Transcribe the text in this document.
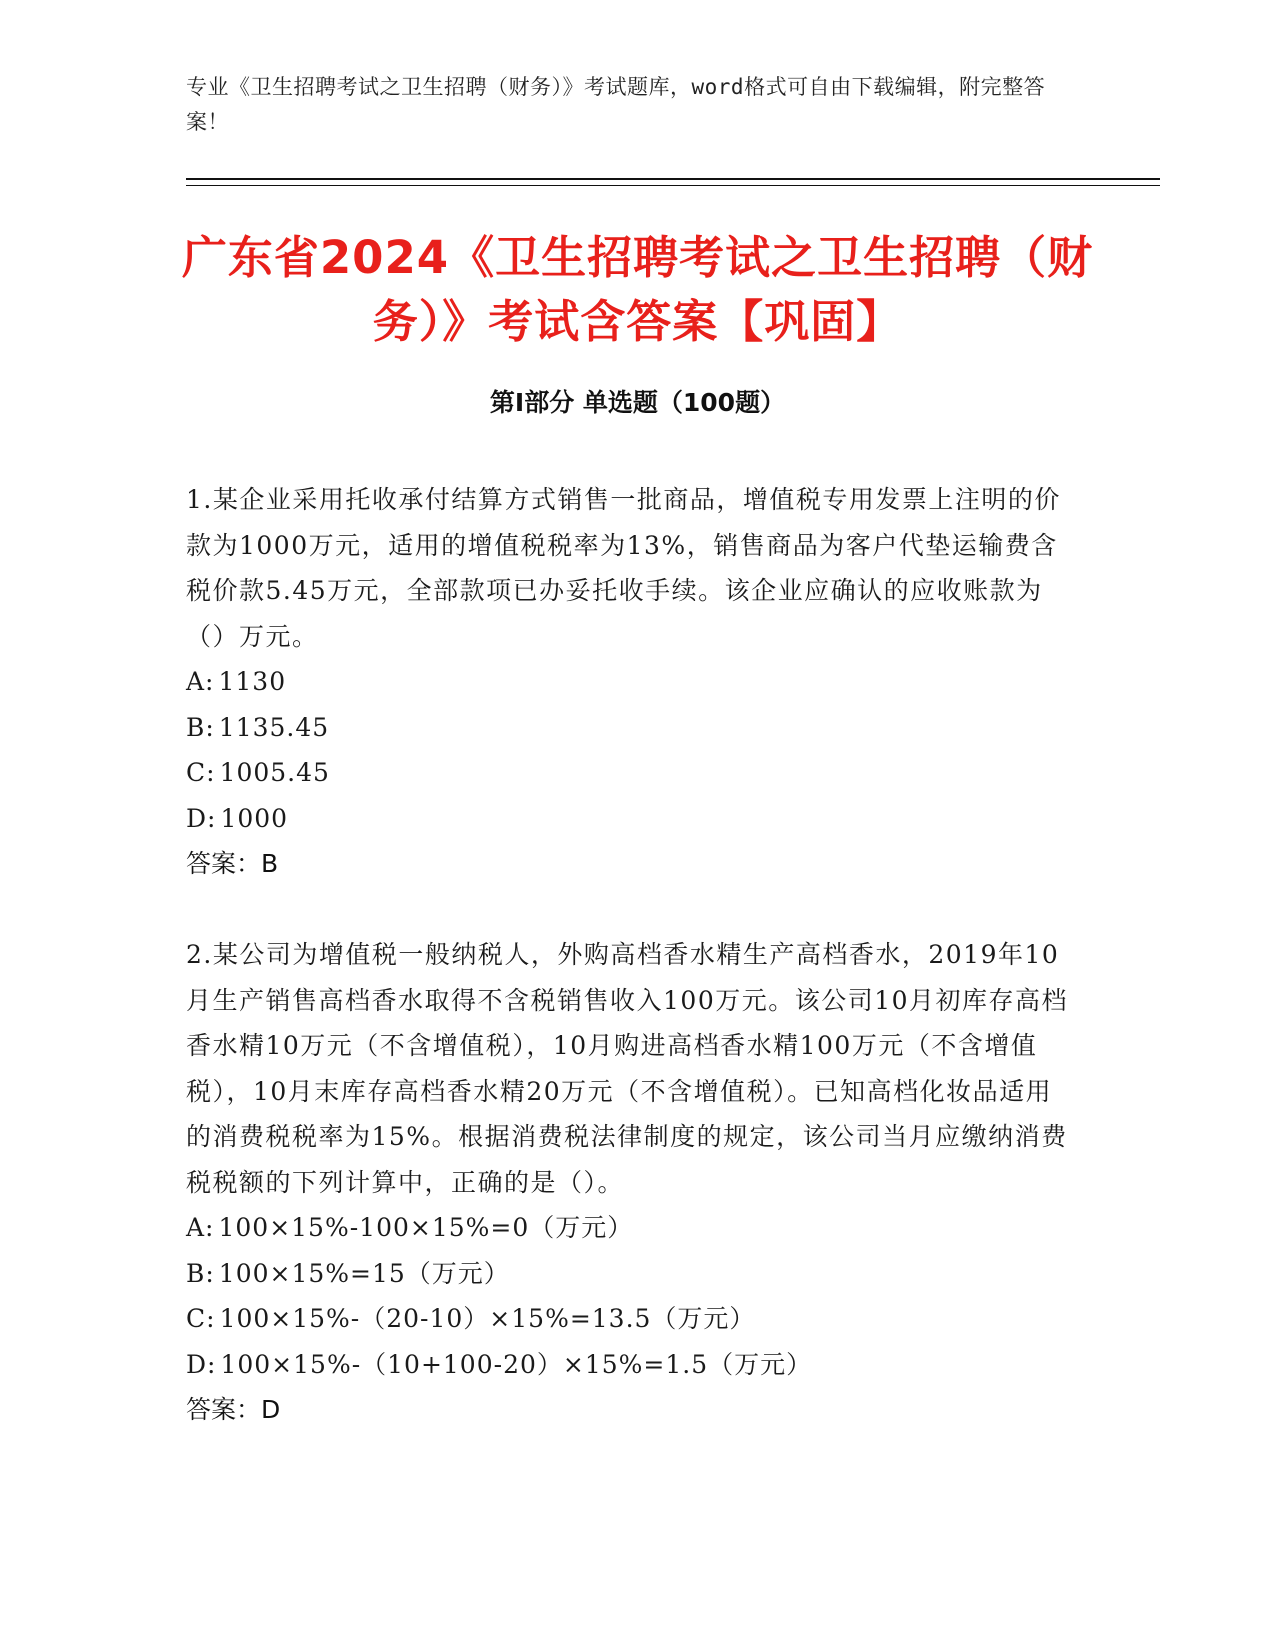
专业《卫生招聘考试之卫生招聘（财务）》考试题库，word格式可自由下载编辑，附完整答案！
广东省2024《卫生招聘考试之卫生招聘（财务）》考试含答案【巩固】
第I部分 单选题（100题）

1.某企业采用托收承付结算方式销售一批商品，增值税专用发票上注明的价款为1000万元，适用的增值税税率为13%，销售商品为客户代垫运输费含税价款5.45万元，全部款项已办妥托收手续。该企业应确认的应收账款为（）万元。

A: 1130
B: 1135.45
C: 1005.45
D: 1000
答案：B

2.某公司为增值税一般纳税人，外购高档香水精生产高档香水，2019年10月生产销售高档香水取得不含税销售收入100万元。该公司10月初库存高档香水精10万元（不含增值税），10月购进高档香水精100万元（不含增值税），10月末库存高档香水精20万元（不含增值税）。已知高档化妆品适用的消费税税率为15%。根据消费税法律制度的规定，该公司当月应缴纳消费税税额的下列计算中，正确的是（）。

A: 100×15%-100×15%=0（万元）
B: 100×15%=15（万元）
C: 100×15%-（20-10）×15%=13.5（万元）
D: 100×15%-（10+100-20）×15%=1.5（万元）
答案：D
